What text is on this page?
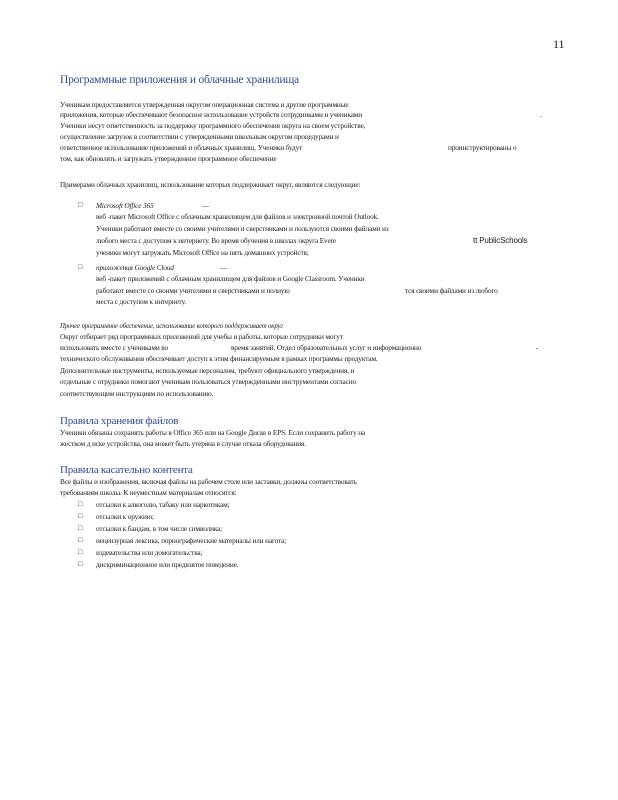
11
Программные приложения и облачные хранилища
Ученикам предоставляется утвержденная округом операционная система и другие программные
приложения, которые обеспечивают безопасное использование устройств сотрудниками и учениками	.
Ученики несут ответственность за поддержку программного обеспечения округа на своем устройстве,
осуществление загрузок в соответствии с утвержденными школьным округом процедурами и
ответственное использование приложений и облачных хранилищ. Ученики будут	проинструктированы о
том, как обновлять и загружать утвержденное программное обеспечение
Примерами облачных хранилищ, использование которых поддерживает округ, являются следующие:
□ Microsoft Office 365	—
веб -пакет Microsoft Office с облачным хранилищем для файлов и электронной почтой Outlook.
Ученики работают вместе со своими учителями и сверстниками и пользуются своими файлами из
любого места с доступом к интернету. Во время обучения в школах округа Evere	tt PublicSchools
ученики могут загружать Microsoft Office на пять домашних устройств;
□ приложения Google Cloud	—
веб -пакет приложений с облачным хранилищем для файлов и Google Classroom. Ученики
работают вместе со своими учителями и сверстниками и полную	тся своими файлами из любого
места с доступом к интернету.
Прочее программное обеспечение, использование которого поддерживает округ
Округ отбирает ряд программных приложений для учебы и работы, которые сотрудники могут
использовать вместе с учениками во	время занятий. Отдел образовательных услуг и информационно	-
технического обслуживания обеспечивает доступ к этим финансируемым в рамках программы продуктам.
Дополнительные инструменты, используемые персоналом, требуют официального утверждения, и
отдельные с отрудники помогают ученикам пользоваться утвержденными инструментами согласно
соответствующим инструкциям по использованию.
Правила хранения файлов
Ученики обязаны сохранять работы в Office 365 или на Google Диске в EPS. Если сохранить работу на
жестком д иске устройства, она может быть утеряна в случае отказа оборудования.
Правила касательно контента
Все файлы и изображения, включая файлы на рабочем столе или заставки, должны соответствовать
требованиям школы. К неуместным материалам относятся:
□ отсылки к алкоголю, табаку или наркотикам;
□ отсылки к оружию;
□ отсылки к бандам, в том числе символика;
□ нецензурная лексика, порнографические материалы или нагота;
□ издевательства или домогательства;
□ дискриминационное или предвзятое поведение.
